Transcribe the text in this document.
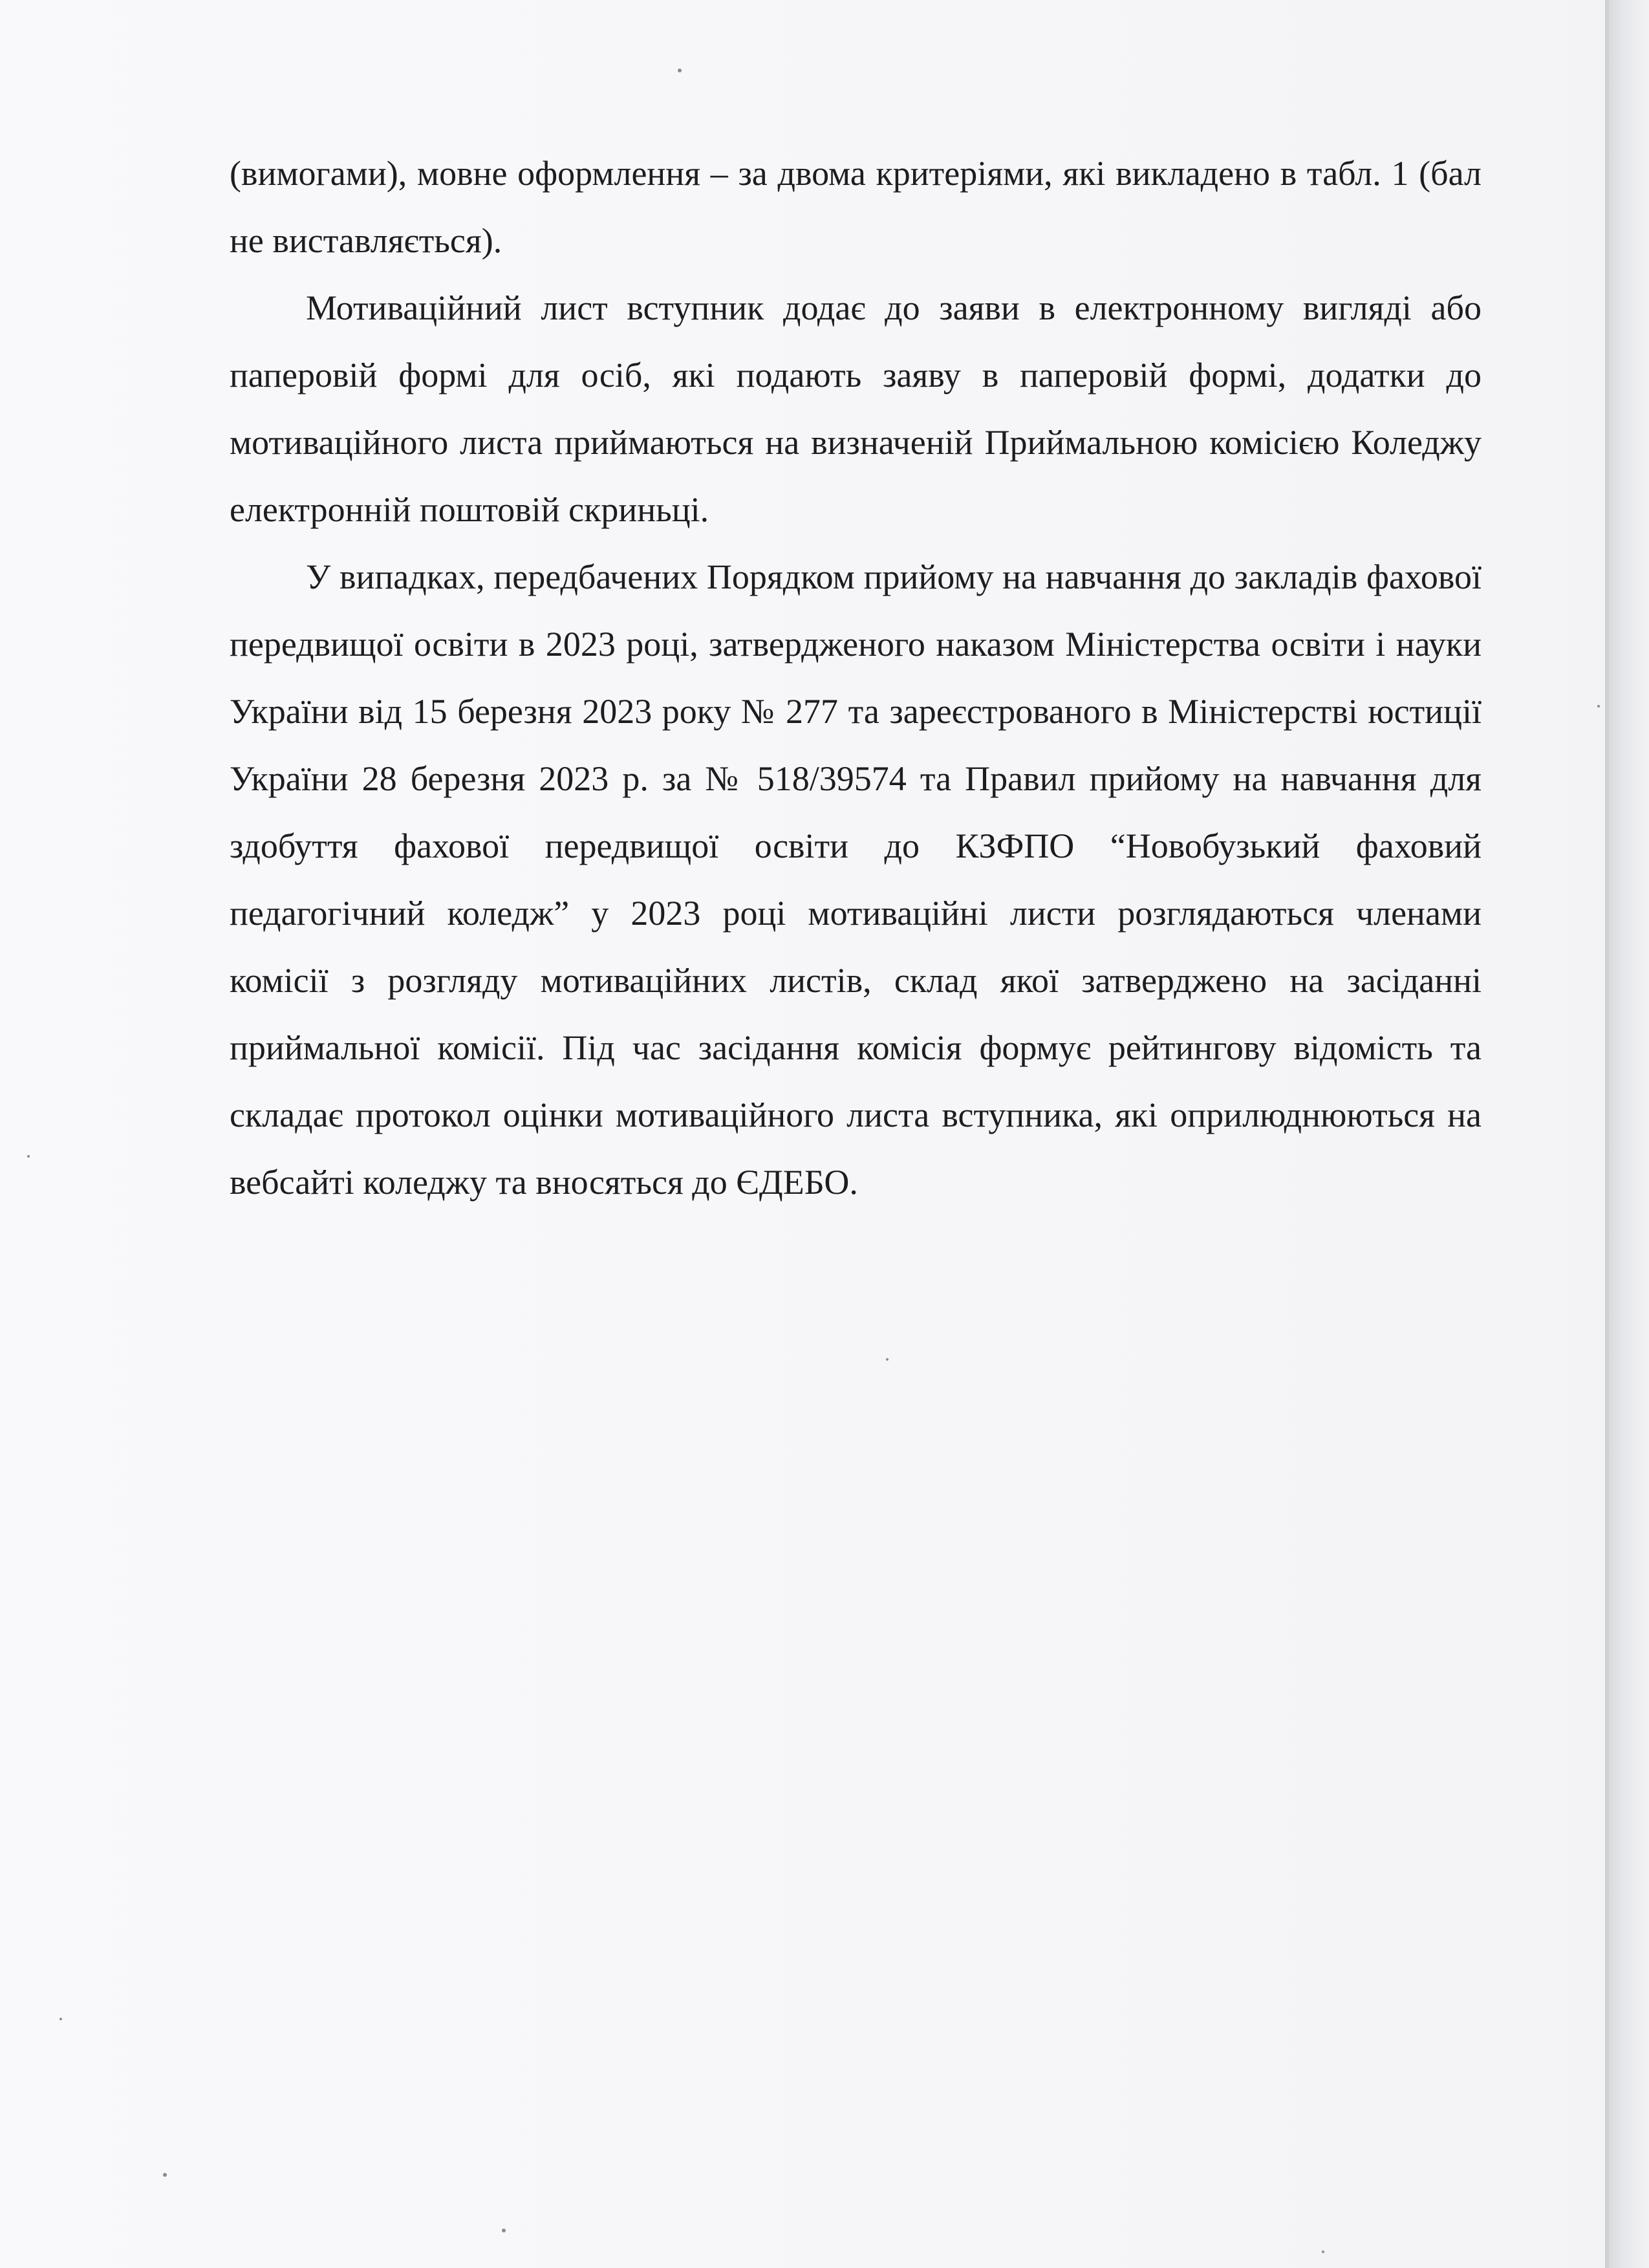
(вимогами), мовне оформлення – за двома критеріями, які викладено в табл. 1 (бал не виставляється).

Мотиваційний лист вступник додає до заяви в електронному вигляді або паперовій формі для осіб, які подають заяву в паперовій формі, додатки до мотиваційного листа приймаються на визначеній Приймальною комісією Коледжу електронній поштовій скриньці.

У випадках, передбачених Порядком прийому на навчання до закладів фахової передвищої освіти в 2023 році, затвердженого наказом Міністерства освіти і науки України від 15 березня 2023 року № 277 та зареєстрованого в Міністерстві юстиції України 28 березня 2023 р. за № 518/39574 та Правил прийому на навчання для здобуття фахової передвищої освіти до КЗФПО “Новобузький фаховий педагогічний коледж” у 2023 році мотиваційні листи розглядаються членами комісії з розгляду мотиваційних листів, склад якої затверджено на засіданні приймальної комісії. Під час засідання комісія формує рейтингову відомість та складає протокол оцінки мотиваційного листа вступника, які оприлюднюються на вебсайті коледжу та вносяться до ЄДЕБО.
